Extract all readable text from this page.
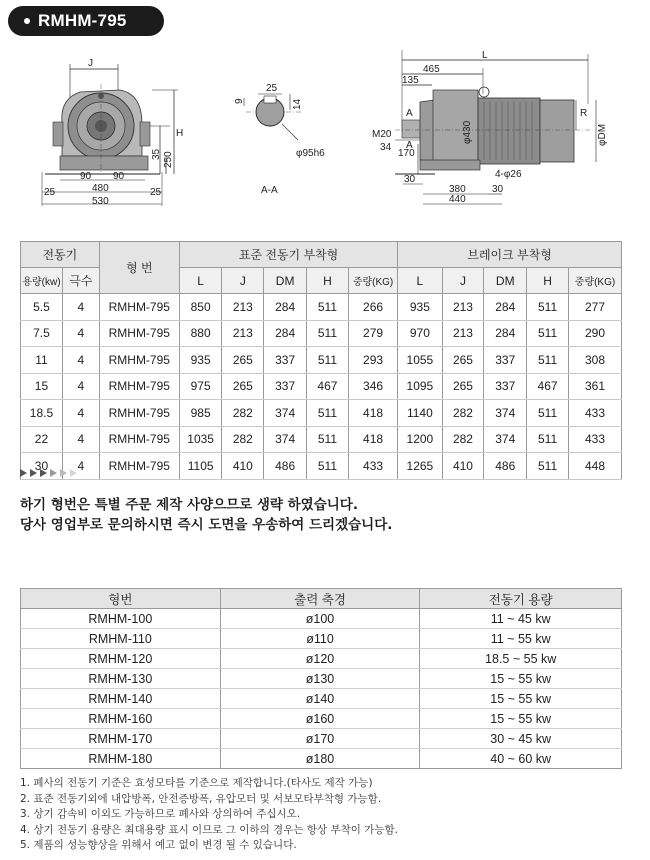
RMHM-795
J
H
35 250
90 90
25	480	25
530
25
14
9
φ95h6
A-A
L
465
135
R
φDM
φ430
A
A
M20
34
170
30	4-φ26
380	30
440
전동기		형 번	표준 전동기 부착형					브레이크 부착형				
용량(kw)	극수		L	J	DM	H	중량(KG)	L	J	DM	H	중량(KG)
5.5	4	RMHM-795	850	213	284	511	266	935	213	284	511	277
7.5	4	RMHM-795	880	213	284	511	279	970	213	284	511	290
11	4	RMHM-795	935	265	337	511	293	1055	265	337	511	308
15	4	RMHM-795	975	265	337	467	346	1095	265	337	467	361
18.5	4	RMHM-795	985	282	374	511	418	1140	282	374	511	433
22	4	RMHM-795	1035	282	374	511	418	1200	282	374	511	433
30	4	RMHM-795	1105	410	486	511	433	1265	410	486	511	448
하기 형번은 특별 주문 제작 사양으므로 생략 하였습니다.
당사 영업부로 문의하시면 즉시 도면을 우송하여 드리겠습니다.
형번	출력 축경	전동기 용량
RMHM-100	ø100	11 ~ 45 kw
RMHM-110	ø110	11 ~ 55 kw
RMHM-120	ø120	18.5 ~ 55 kw
RMHM-130	ø130	15 ~ 55 kw
RMHM-140	ø140	15 ~ 55 kw
RMHM-160	ø160	15 ~ 55 kw
RMHM-170	ø170	30 ~ 45 kw
RMHM-180	ø180	40 ~ 60 kw
1. 폐사의 전동기 기준은 효성모타를 기준으로 제작합니다.(타사도 제작 가능)
2. 표준 전동기외에 내압방폭, 안전증방폭, 유압모터 및 서보모타부착형 가능함.
3. 상기 감속비 이외도 가능하므로 폐사와 상의하여 주십시오.
4. 상기 전동기 용량은 최대용량 표시 이므로 그 이하의 경우는 항상 부착이 가능함.
5. 제품의 성능향상을 위해서 예고 없이 변경 될 수 있습니다.
